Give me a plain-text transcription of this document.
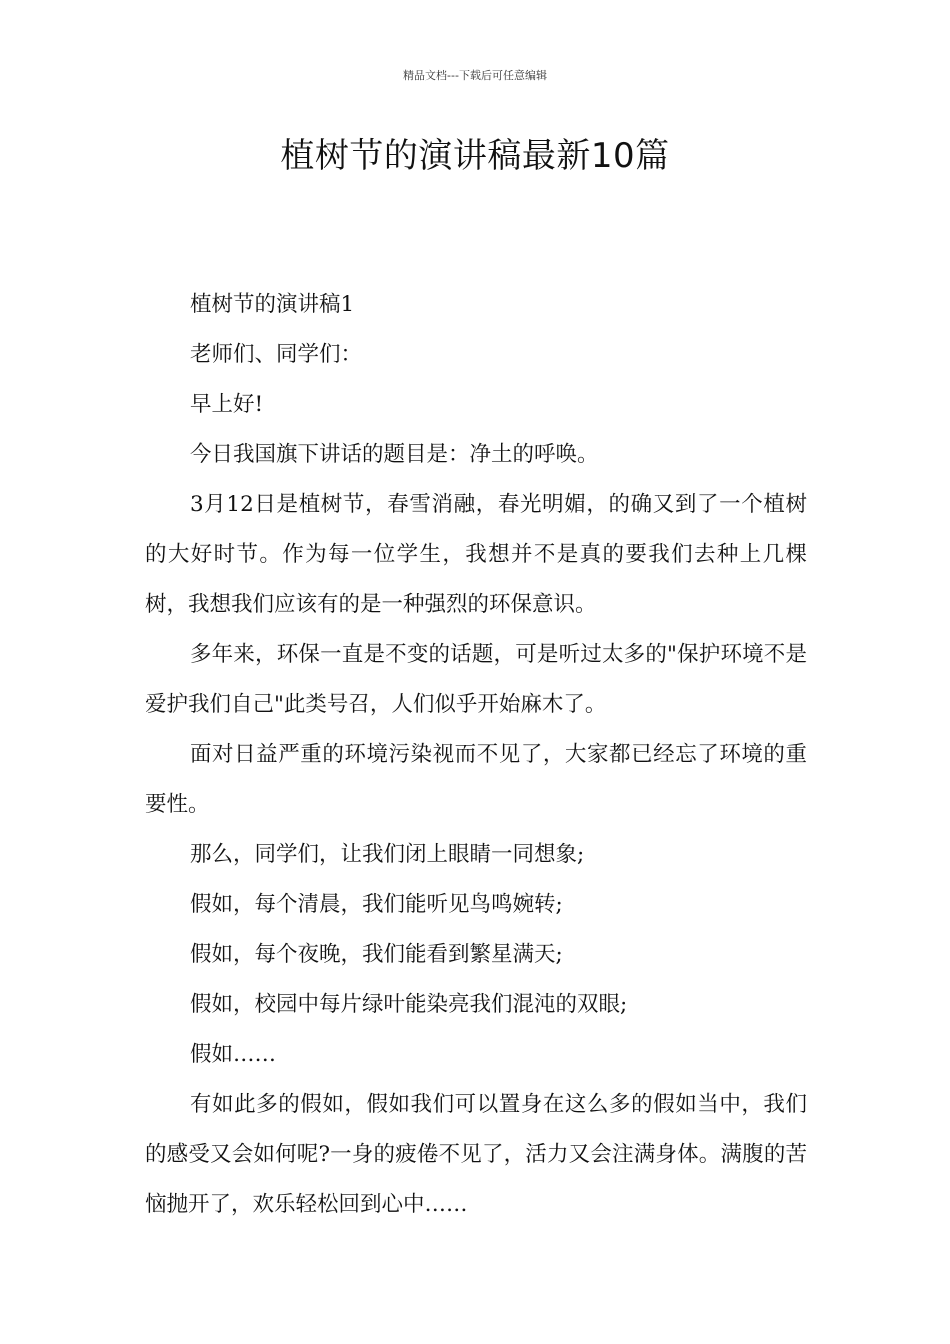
精品文档---下载后可任意编辑
植树节的演讲稿最新10篇

植树节的演讲稿1

老师们、同学们：

早上好!

今日我国旗下讲话的题目是：净土的呼唤。

3月12日是植树节，春雪消融，春光明媚，的确又到了一个植树的大好时节。作为每一位学生，我想并不是真的要我们去种上几棵树，我想我们应该有的是一种强烈的环保意识。

多年来，环保一直是不变的话题，可是听过太多的"保护环境不是爱护我们自己"此类号召，人们似乎开始麻木了。

面对日益严重的环境污染视而不见了，大家都已经忘了环境的重要性。

那么，同学们，让我们闭上眼睛一同想象;

假如，每个清晨，我们能听见鸟鸣婉转;

假如，每个夜晚，我们能看到繁星满天;

假如，校园中每片绿叶能染亮我们混沌的双眼;

假如……

有如此多的假如，假如我们可以置身在这么多的假如当中，我们的感受又会如何呢?一身的疲倦不见了，活力又会注满身体。满腹的苦恼抛开了，欢乐轻松回到心中……
